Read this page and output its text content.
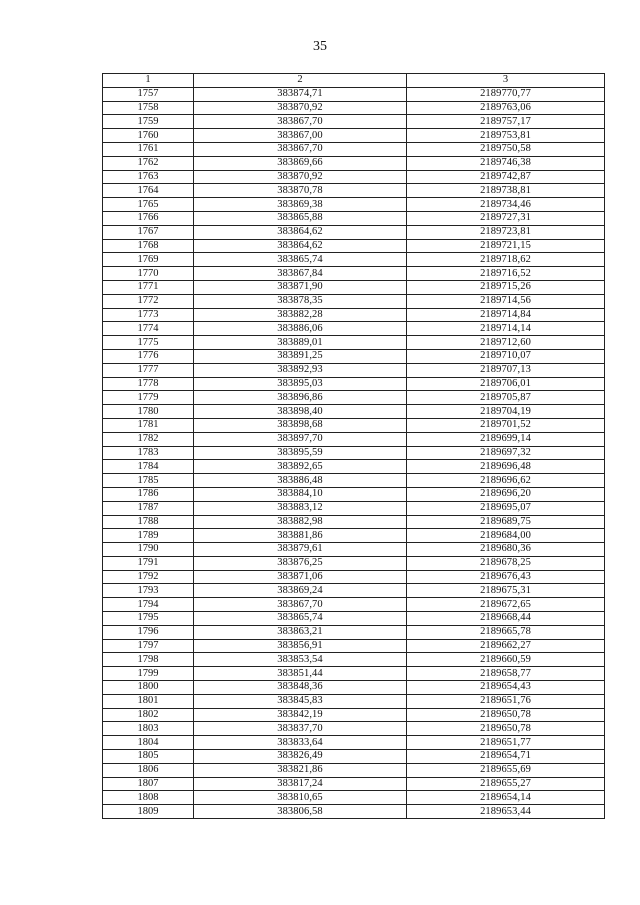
35
1	2	3
1757	383874,71	2189770,77
1758	383870,92	2189763,06
1759	383867,70	2189757,17
1760	383867,00	2189753,81
1761	383867,70	2189750,58
1762	383869,66	2189746,38
1763	383870,92	2189742,87
1764	383870,78	2189738,81
1765	383869,38	2189734,46
1766	383865,88	2189727,31
1767	383864,62	2189723,81
1768	383864,62	2189721,15
1769	383865,74	2189718,62
1770	383867,84	2189716,52
1771	383871,90	2189715,26
1772	383878,35	2189714,56
1773	383882,28	2189714,84
1774	383886,06	2189714,14
1775	383889,01	2189712,60
1776	383891,25	2189710,07
1777	383892,93	2189707,13
1778	383895,03	2189706,01
1779	383896,86	2189705,87
1780	383898,40	2189704,19
1781	383898,68	2189701,52
1782	383897,70	2189699,14
1783	383895,59	2189697,32
1784	383892,65	2189696,48
1785	383886,48	2189696,62
1786	383884,10	2189696,20
1787	383883,12	2189695,07
1788	383882,98	2189689,75
1789	383881,86	2189684,00
1790	383879,61	2189680,36
1791	383876,25	2189678,25
1792	383871,06	2189676,43
1793	383869,24	2189675,31
1794	383867,70	2189672,65
1795	383865,74	2189668,44
1796	383863,21	2189665,78
1797	383856,91	2189662,27
1798	383853,54	2189660,59
1799	383851,44	2189658,77
1800	383848,36	2189654,43
1801	383845,83	2189651,76
1802	383842,19	2189650,78
1803	383837,70	2189650,78
1804	383833,64	2189651,77
1805	383826,49	2189654,71
1806	383821,86	2189655,69
1807	383817,24	2189655,27
1808	383810,65	2189654,14
1809	383806,58	2189653,44
